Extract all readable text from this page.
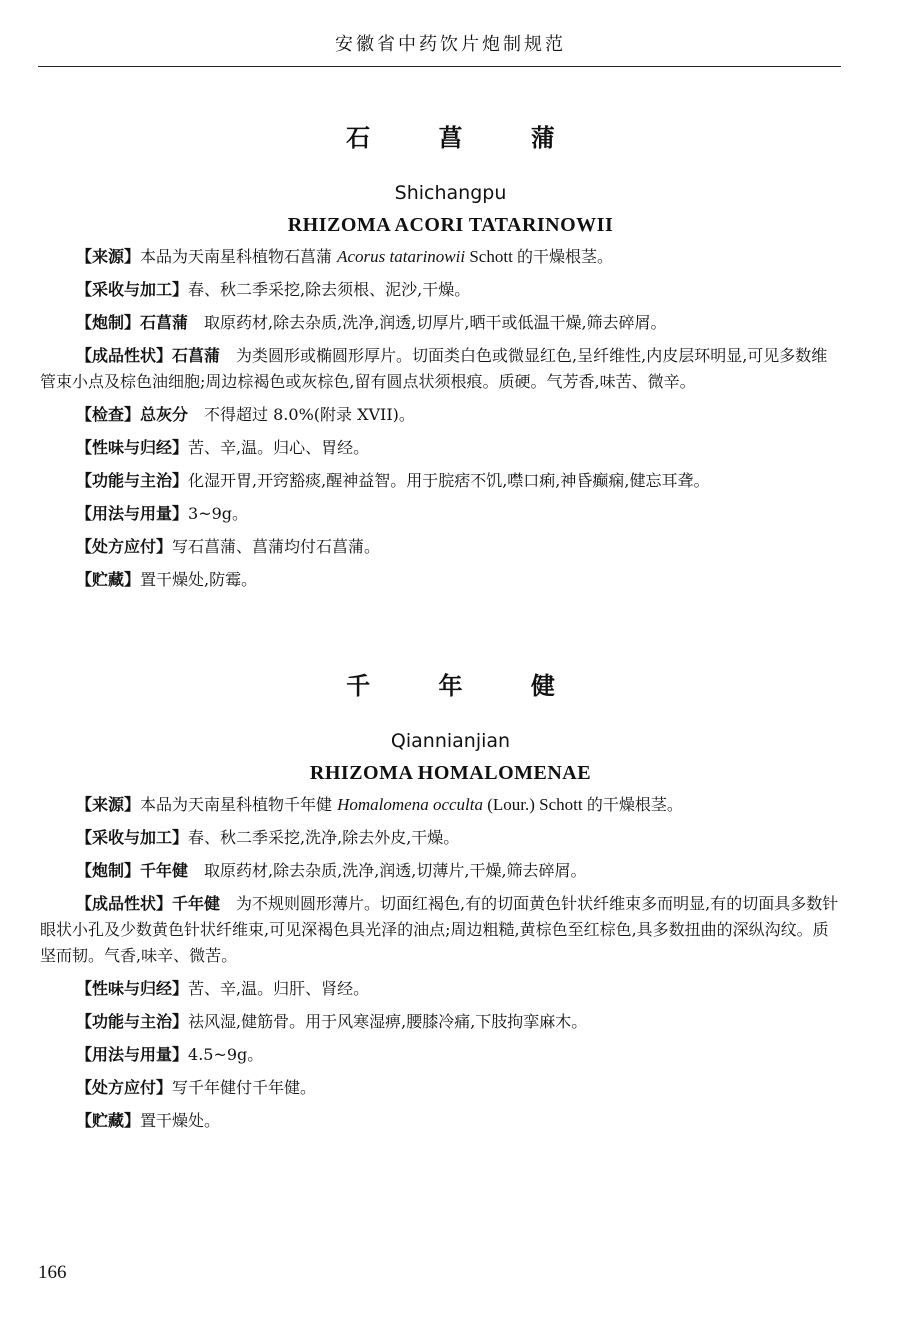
安徽省中药饮片炮制规范
石 菖 蒲
Shichangpu
RHIZOMA ACORI TATARINOWII

【来源】本品为天南星科植物石菖蒲 Acorus tatarinowii Schott 的干燥根茎。

【采收与加工】春、秋二季采挖,除去须根、泥沙,干燥。

【炮制】石菖蒲 取原药材,除去杂质,洗净,润透,切厚片,晒干或低温干燥,筛去碎屑。

【成品性状】石菖蒲 为类圆形或椭圆形厚片。切面类白色或微显红色,呈纤维性,内皮层环明显,可见多数维管束小点及棕色油细胞;周边棕褐色或灰棕色,留有圆点状须根痕。质硬。气芳香,味苦、微辛。

【检查】总灰分 不得超过 8.0%(附录 XVII)。

【性味与归经】苦、辛,温。归心、胃经。

【功能与主治】化湿开胃,开窍豁痰,醒神益智。用于脘痞不饥,噤口痢,神昏癫痫,健忘耳聋。

【用法与用量】3~9g。

【处方应付】写石菖蒲、菖蒲均付石菖蒲。

【贮藏】置干燥处,防霉。

千 年 健
Qiannianjian
RHIZOMA HOMALOMENAE

【来源】本品为天南星科植物千年健 Homalomena occulta (Lour.) Schott 的干燥根茎。

【采收与加工】春、秋二季采挖,洗净,除去外皮,干燥。

【炮制】千年健 取原药材,除去杂质,洗净,润透,切薄片,干燥,筛去碎屑。

【成品性状】千年健 为不规则圆形薄片。切面红褐色,有的切面黄色针状纤维束多而明显,有的切面具多数针眼状小孔及少数黄色针状纤维束,可见深褐色具光泽的油点;周边粗糙,黄棕色至红棕色,具多数扭曲的深纵沟纹。质坚而韧。气香,味辛、微苦。

【性味与归经】苦、辛,温。归肝、肾经。

【功能与主治】祛风湿,健筋骨。用于风寒湿痹,腰膝冷痛,下肢拘挛麻木。

【用法与用量】4.5~9g。

【处方应付】写千年健付千年健。

【贮藏】置干燥处。

166
